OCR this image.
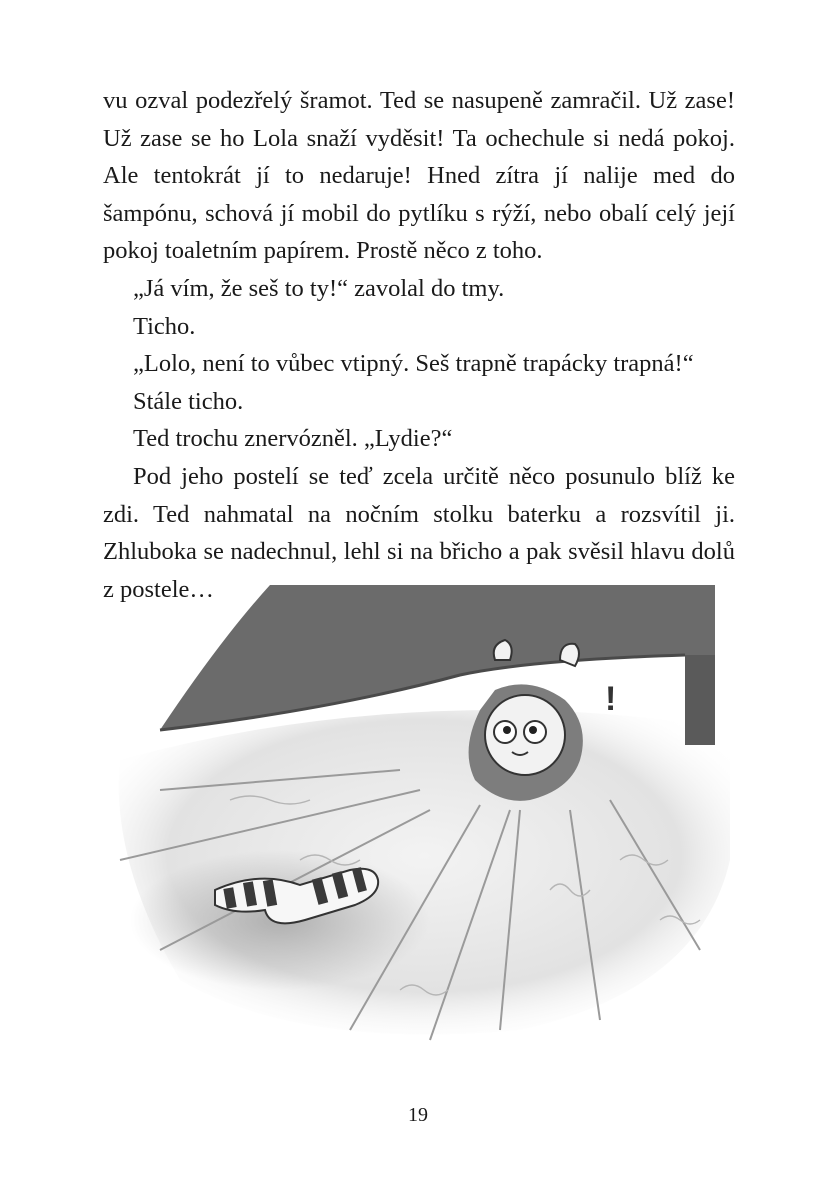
vu ozval podezřelý šramot. Ted se nasupeně zamračil. Už zase! Už zase se ho Lola snaží vyděsit! Ta ochechule si nedá pokoj. Ale tentokrát jí to nedaruje! Hned zítra jí nalije med do šampónu, schová jí mobil do pytlíku s rýží, nebo obalí celý její pokoj toaletním papírem. Prostě něco z toho.

„Já vím, že seš to ty!“ zavolal do tmy.

Ticho.

„Lolo, není to vůbec vtipný. Seš trapně trapácky trapná!“

Stále ticho.

Ted trochu znervózněl. „Lydie?“

Pod jeho postelí se teď zcela určitě něco posunulo blíž ke zdi. Ted nahmatal na nočním stolku baterku a rozsvítil ji. Zhluboka se nadechnul, lehl si na břicho a pak svěsil hlavu dolů z postele…

!
19
